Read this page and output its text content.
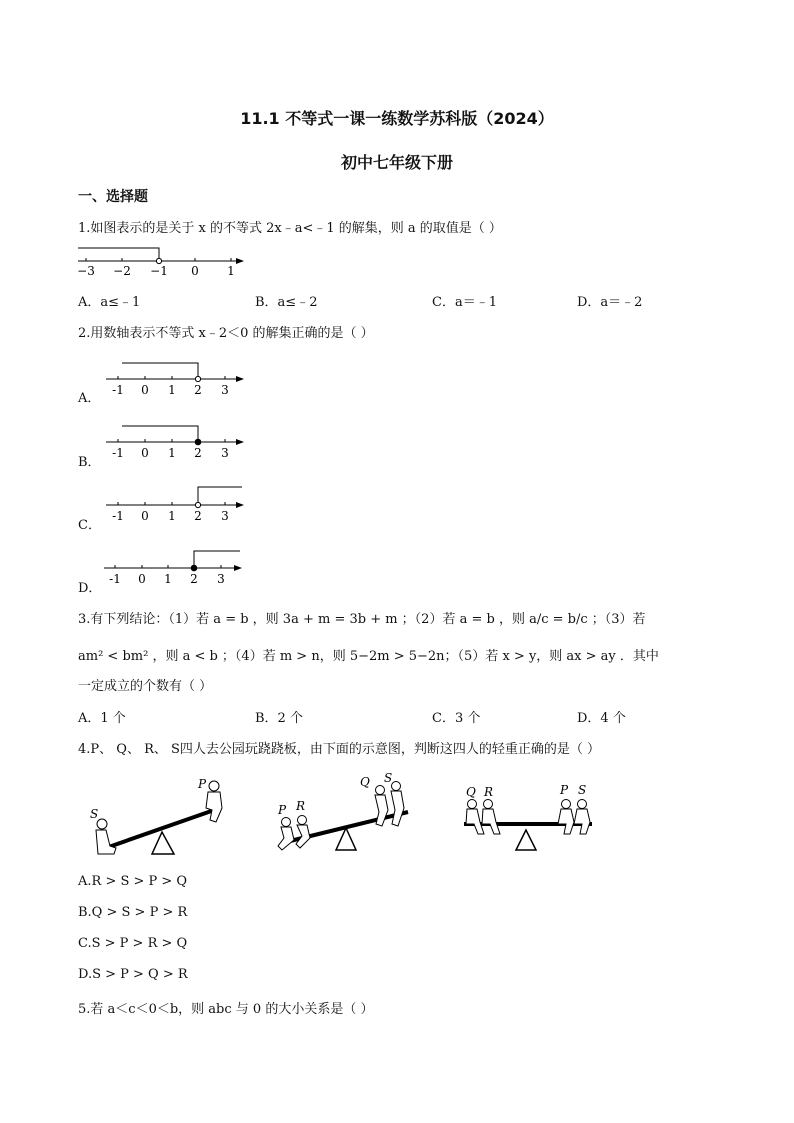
11.1 不等式一课一练数学苏科版（2024）
初中七年级下册
一、选择题
1.如图表示的是关于 x 的不等式 2x﹣a<﹣1 的解集，则 a 的取值是（ ）
−3 −2 −1 0 1
A．a≤﹣1	B．a≤﹣2	C．a＝﹣1	D．a＝﹣2
2.用数轴表示不等式 x﹣2＜0 的解集正确的是（ ）
A．
-1 0 1 2 3
B．
-1 0 1 2 3
C．
-1 0 1 2 3
D．
-1 0 1 2 3
3.有下列结论：（1）若 a = b ，则 3a + m = 3b + m ；（2）若 a = b ，则 a/c = b/c ；（3）若
am² < bm² ，则 a < b ；（4）若 m > n，则 5−2m > 5−2n；（5）若 x > y，则 ax > ay ．其中
一定成立的个数有（ ）
A．1 个	B．2 个	C．3 个	D．4 个
4.P、 Q、 R、 S四人去公园玩跷跷板，由下面的示意图，判断这四人的轻重正确的是（ ）
S
P
P R
Q S
Q R	P S
A.R > S > P > Q
B.Q > S > P > R
C.S > P > R > Q
D.S > P > Q > R
5.若 a＜c＜0＜b，则 abc 与 0 的大小关系是（ ）
